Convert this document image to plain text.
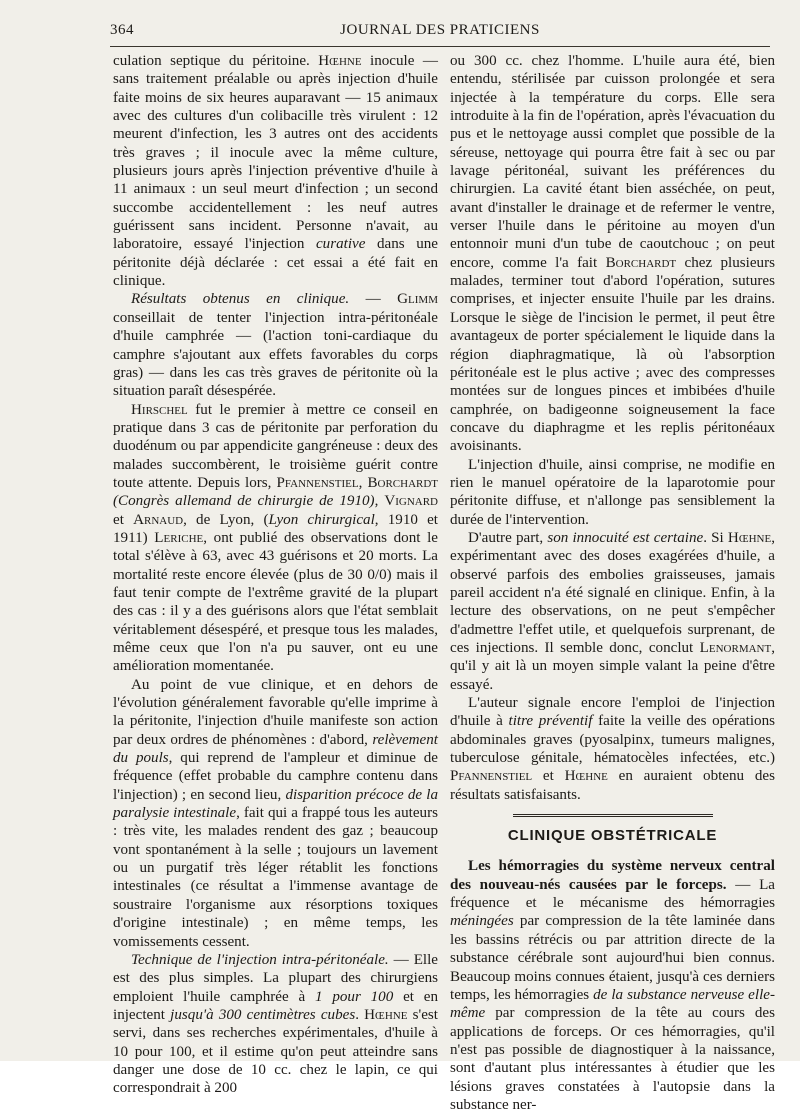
364	JOURNAL DES PRATICIENS

culation septique du péritoine. Hœhne inocule — sans traitement préalable ou après injection d'huile faite moins de six heures auparavant — 15 animaux avec des cultures d'un colibacille très virulent : 12 meurent d'infection, les 3 autres ont des accidents très graves ; il inocule avec la même culture, plusieurs jours après l'injection préventive d'huile à 11 animaux : un seul meurt d'infection ; un second succombe accidentellement : les neuf autres guérissent sans incident. Personne n'avait, au laboratoire, essayé l'injection curative dans une péritonite déjà déclarée : cet essai a été fait en clinique.

Résultats obtenus en clinique. — Glimm conseillait de tenter l'injection intra-péritonéale d'huile camphrée — (l'action toni-cardiaque du camphre s'ajoutant aux effets favorables du corps gras) — dans les cas très graves de péritonite où la situation paraît désespérée.

Hirschel fut le premier à mettre ce conseil en pratique dans 3 cas de péritonite par perforation du duodénum ou par appendicite gangréneuse : deux des malades succombèrent, le troisième guérit contre toute attente. Depuis lors, Pfannenstiel, Borchardt (Congrès allemand de chirurgie de 1910), Vignard et Arnaud, de Lyon, (Lyon chirurgical, 1910 et 1911) Leriche, ont publié des observations dont le total s'élève à 63, avec 43 guérisons et 20 morts. La mortalité reste encore élevée (plus de 30 0/0) mais il faut tenir compte de l'extrême gravité de la plupart des cas : il y a des guérisons alors que l'état semblait véritablement désespéré, et presque tous les malades, même ceux que l'on n'a pu sauver, ont eu une amélioration momentanée.

Au point de vue clinique, et en dehors de l'évolution généralement favorable qu'elle imprime à la péritonite, l'injection d'huile manifeste son action par deux ordres de phénomènes : d'abord, relèvement du pouls, qui reprend de l'ampleur et diminue de fréquence (effet probable du camphre contenu dans l'injection) ; en second lieu, disparition précoce de la paralysie intestinale, fait qui a frappé tous les auteurs : très vite, les malades rendent des gaz ; beaucoup vont spontanément à la selle ; toujours un lavement ou un purgatif très léger rétablit les fonctions intestinales (ce résultat a l'immense avantage de soustraire l'organisme aux résorptions toxiques d'origine intestinale) ; en même temps, les vomissements cessent.

Technique de l'injection intra-péritonéale. — Elle est des plus simples. La plupart des chirurgiens emploient l'huile camphrée à 1 pour 100 et en injectent jusqu'à 300 centimètres cubes. Hœhne s'est servi, dans ses recherches expérimentales, d'huile à 10 pour 100, et il estime qu'on peut atteindre sans danger une dose de 10 cc. chez le lapin, ce qui correspondrait à 200

ou 300 cc. chez l'homme. L'huile aura été, bien entendu, stérilisée par cuisson prolongée et sera injectée à la température du corps. Elle sera introduite à la fin de l'opération, après l'évacuation du pus et le nettoyage aussi complet que possible de la séreuse, nettoyage qui pourra être fait à sec ou par lavage péritonéal, suivant les préférences du chirurgien. La cavité étant bien asséchée, on peut, avant d'installer le drainage et de refermer le ventre, verser l'huile dans le péritoine au moyen d'un entonnoir muni d'un tube de caoutchouc ; on peut encore, comme l'a fait Borchardt chez plusieurs malades, terminer tout d'abord l'opération, sutures comprises, et injecter ensuite l'huile par les drains. Lorsque le siège de l'incision le permet, il peut être avantageux de porter spécialement le liquide dans la région diaphragmatique, là où l'absorption péritonéale est le plus active ; avec des compresses montées sur de longues pinces et imbibées d'huile camphrée, on badigeonne soigneusement la face concave du diaphragme et les replis péritonéaux avoisinants.

L'injection d'huile, ainsi comprise, ne modifie en rien le manuel opératoire de la laparotomie pour péritonite diffuse, et n'allonge pas sensiblement la durée de l'intervention.

D'autre part, son innocuité est certaine. Si Hœhne, expérimentant avec des doses exagérées d'huile, a observé parfois des embolies graisseuses, jamais pareil accident n'a été signalé en clinique. Enfin, à la lecture des observations, on ne peut s'empêcher d'admettre l'effet utile, et quelquefois surprenant, de ces injections. Il semble donc, conclut Lenormant, qu'il y ait là un moyen simple valant la peine d'être essayé.

L'auteur signale encore l'emploi de l'injection d'huile à titre préventif faite la veille des opérations abdominales graves (pyosalpinx, tumeurs malignes, tuberculose génitale, hématocèles infectées, etc.) Pfannenstiel et Hœhne en auraient obtenu des résultats satisfaisants.

CLINIQUE OBSTÉTRICALE

Les hémorragies du système nerveux central des nouveau-nés causées par le forceps. — La fréquence et le mécanisme des hémorragies méningées par compression de la tête laminée dans les bassins rétrécis ou par attrition directe de la substance cérébrale sont aujourd'hui bien connus. Beaucoup moins connues étaient, jusqu'à ces derniers temps, les hémorragies de la substance nerveuse elle-même par compression de la tête au cours des applications de forceps. Or ces hémorragies, qu'il n'est pas possible de diagnostiquer à la naissance, sont d'autant plus intéressantes à étudier que les lésions graves constatées à l'autopsie dans la substance ner-
